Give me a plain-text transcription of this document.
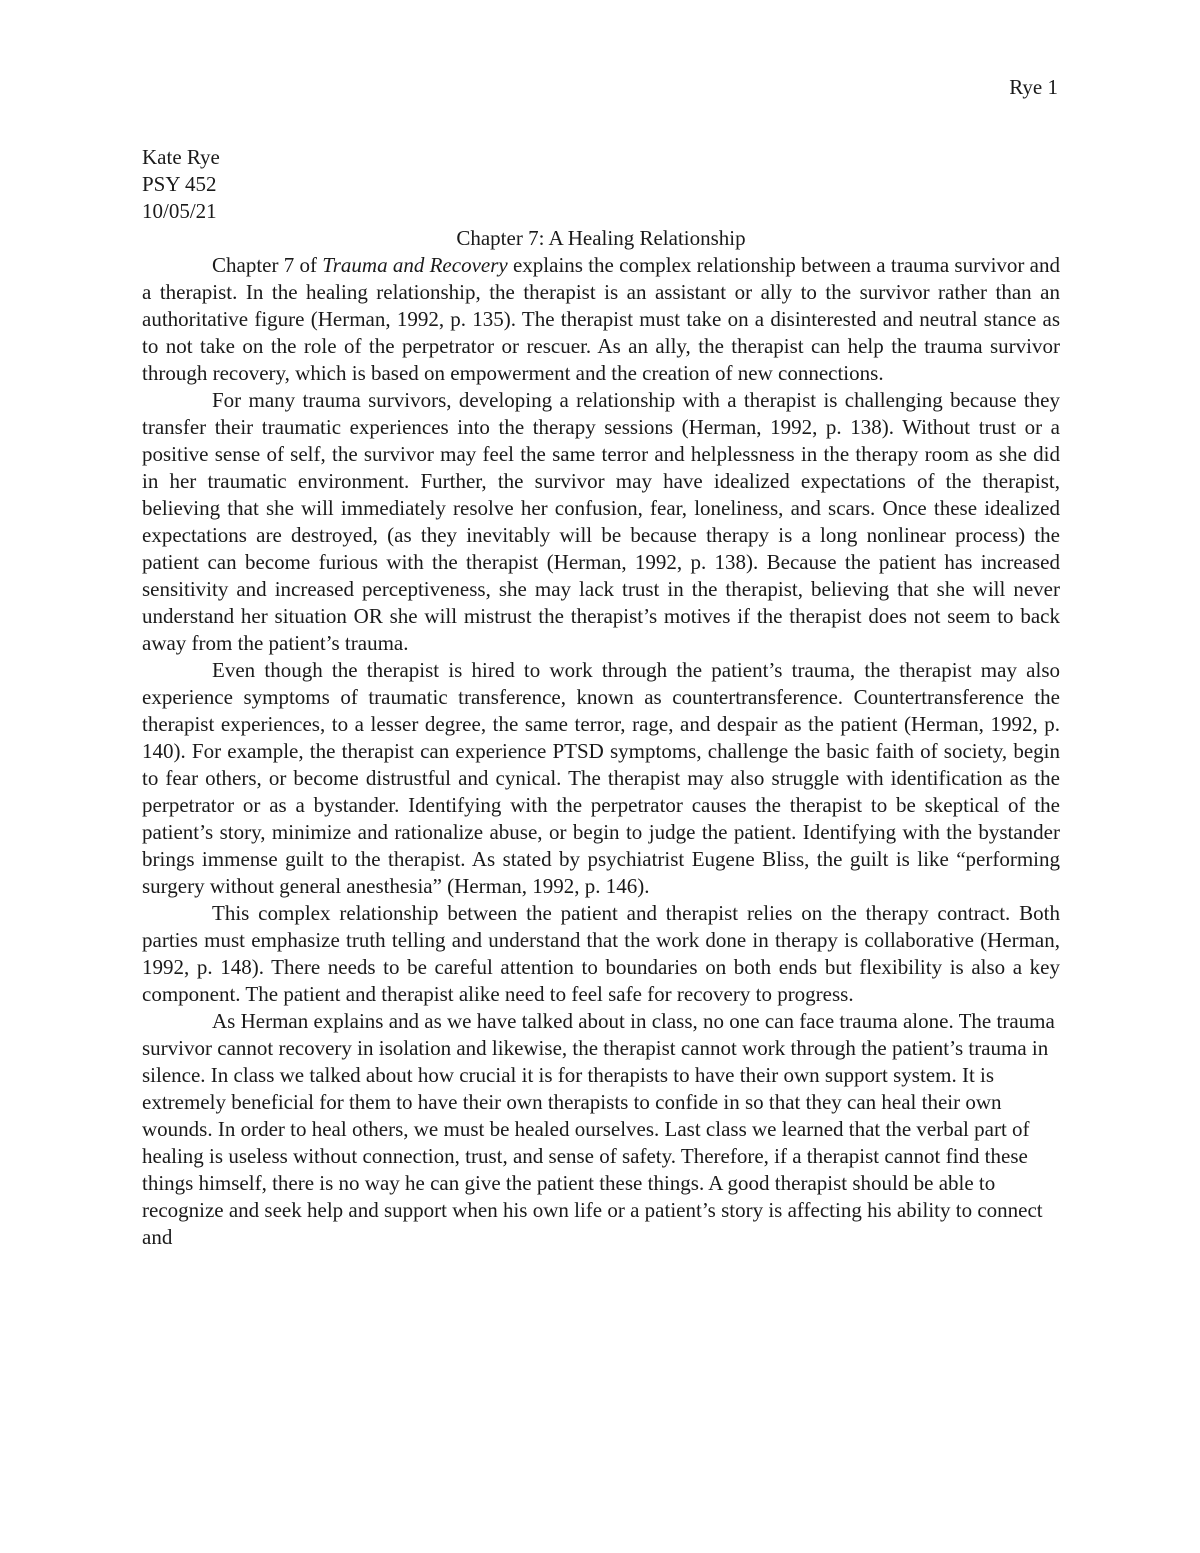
Rye 1

Kate Rye

PSY 452

10/05/21

Chapter 7: A Healing Relationship

Chapter 7 of Trauma and Recovery explains the complex relationship between a trauma survivor and a therapist. In the healing relationship, the therapist is an assistant or ally to the survivor rather than an authoritative figure (Herman, 1992, p. 135). The therapist must take on a disinterested and neutral stance as to not take on the role of the perpetrator or rescuer. As an ally, the therapist can help the trauma survivor through recovery, which is based on empowerment and the creation of new connections.

For many trauma survivors, developing a relationship with a therapist is challenging because they transfer their traumatic experiences into the therapy sessions (Herman, 1992, p. 138). Without trust or a positive sense of self, the survivor may feel the same terror and helplessness in the therapy room as she did in her traumatic environment. Further, the survivor may have idealized expectations of the therapist, believing that she will immediately resolve her confusion, fear, loneliness, and scars. Once these idealized expectations are destroyed, (as they inevitably will be because therapy is a long nonlinear process) the patient can become furious with the therapist (Herman, 1992, p. 138). Because the patient has increased sensitivity and increased perceptiveness, she may lack trust in the therapist, believing that she will never understand her situation OR she will mistrust the therapist’s motives if the therapist does not seem to back away from the patient’s trauma.

Even though the therapist is hired to work through the patient’s trauma, the therapist may also experience symptoms of traumatic transference, known as countertransference. Countertransference the therapist experiences, to a lesser degree, the same terror, rage, and despair as the patient (Herman, 1992, p. 140). For example, the therapist can experience PTSD symptoms, challenge the basic faith of society, begin to fear others, or become distrustful and cynical. The therapist may also struggle with identification as the perpetrator or as a bystander. Identifying with the perpetrator causes the therapist to be skeptical of the patient’s story, minimize and rationalize abuse, or begin to judge the patient. Identifying with the bystander brings immense guilt to the therapist. As stated by psychiatrist Eugene Bliss, the guilt is like “performing surgery without general anesthesia” (Herman, 1992, p. 146).

This complex relationship between the patient and therapist relies on the therapy contract. Both parties must emphasize truth telling and understand that the work done in therapy is collaborative (Herman, 1992, p. 148). There needs to be careful attention to boundaries on both ends but flexibility is also a key component. The patient and therapist alike need to feel safe for recovery to progress.

As Herman explains and as we have talked about in class, no one can face trauma alone. The trauma survivor cannot recovery in isolation and likewise, the therapist cannot work through the patient’s trauma in silence. In class we talked about how crucial it is for therapists to have their own support system. It is extremely beneficial for them to have their own therapists to confide in so that they can heal their own wounds. In order to heal others, we must be healed ourselves. Last class we learned that the verbal part of healing is useless without connection, trust, and sense of safety. Therefore, if a therapist cannot find these things himself, there is no way he can give the patient these things. A good therapist should be able to recognize and seek help and support when his own life or a patient’s story is affecting his ability to connect and
